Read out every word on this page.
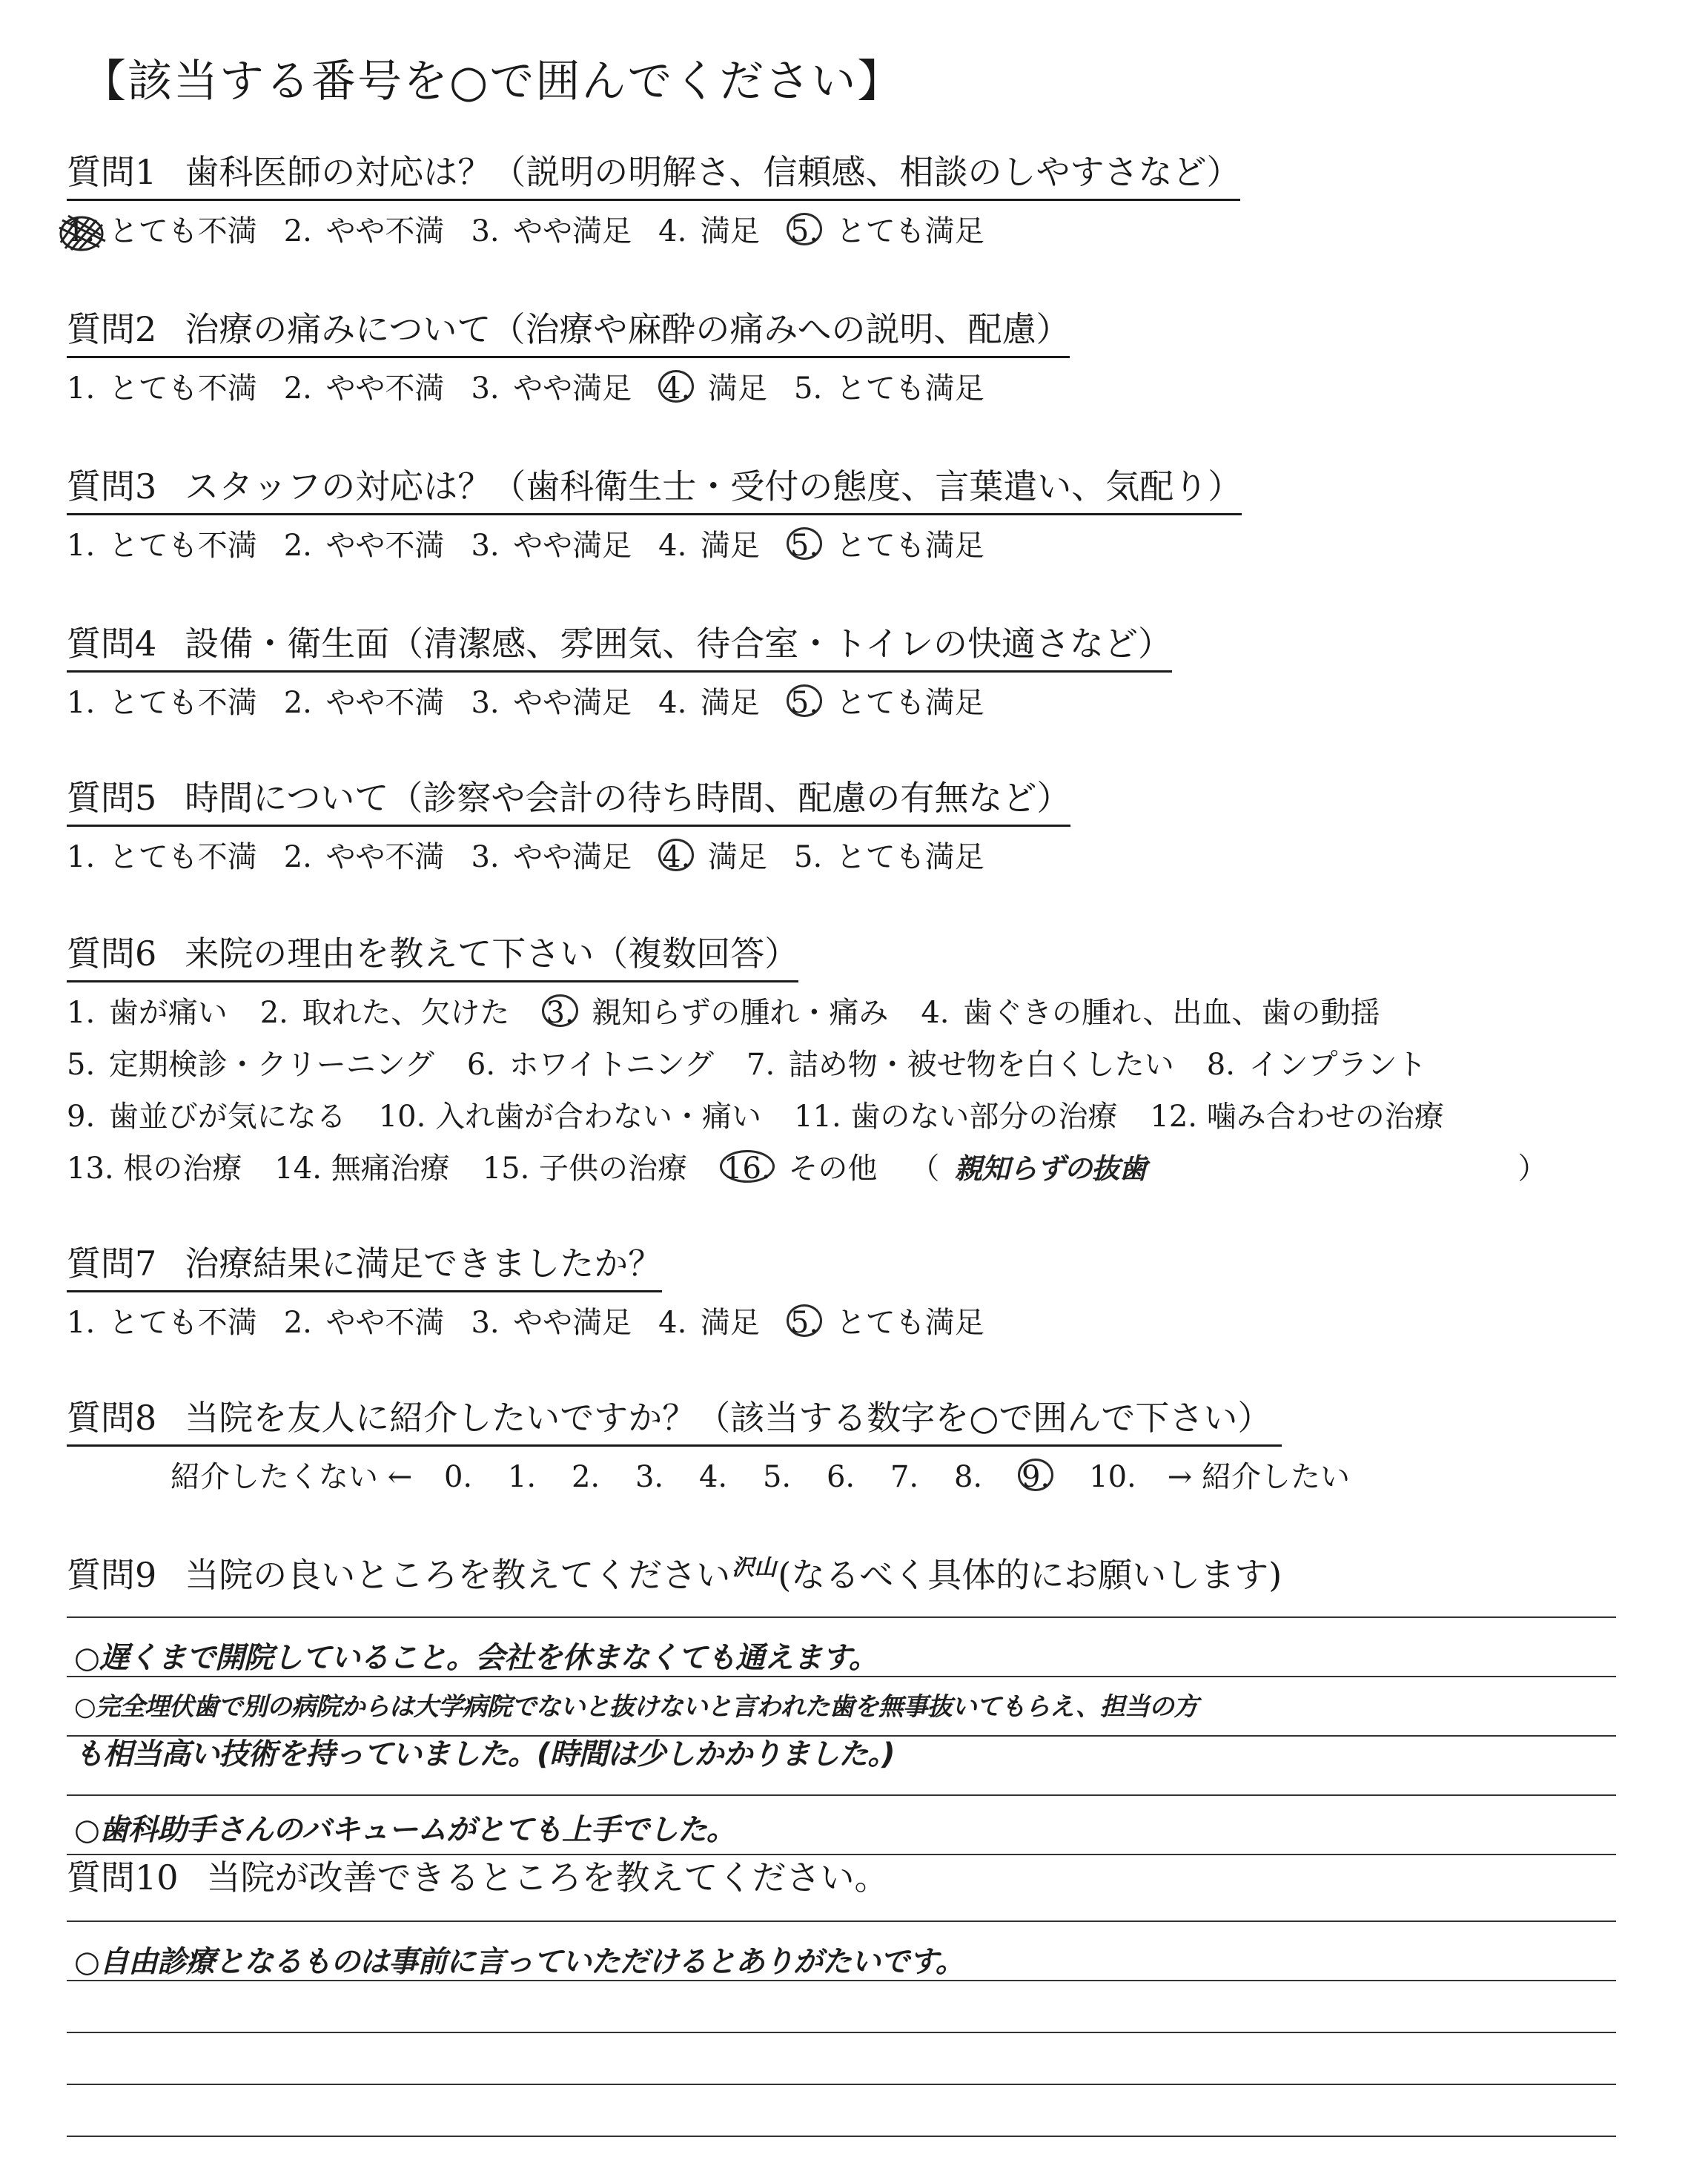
【該当する番号を○で囲んでください】
質問1 歯科医師の対応は？（説明の明解さ、信頼感、相談のしやすさなど）
1. とても不満 2. やや不満 3. やや満足 4. 満足 5. とても満足
質問2 治療の痛みについて（治療や麻酔の痛みへの説明、配慮）
1. とても不満 2. やや不満 3. やや満足 4. 満足 5. とても満足
質問3 スタッフの対応は？（歯科衛生士・受付の態度、言葉遣い、気配り）
1. とても不満 2. やや不満 3. やや満足 4. 満足 5. とても満足
質問4 設備・衛生面（清潔感、雰囲気、待合室・トイレの快適さなど）
1. とても不満 2. やや不満 3. やや満足 4. 満足 5. とても満足
質問5 時間について（診察や会計の待ち時間、配慮の有無など）
1. とても不満 2. やや不満 3. やや満足 4. 満足 5. とても満足
質問6 来院の理由を教えて下さい（複数回答）
1. 歯が痛い 2. 取れた、欠けた 3. 親知らずの腫れ・痛み 4. 歯ぐきの腫れ、出血、歯の動揺
5. 定期検診・クリーニング 6. ホワイトニング 7. 詰め物・被せ物を白くしたい 8. インプラント
9. 歯並びが気になる 10. 入れ歯が合わない・痛い 11. 歯のない部分の治療 12. 噛み合わせの治療
13. 根の治療 14. 無痛治療 15. 子供の治療 16. その他 （ 親知らずの抜歯	）
質問7 治療結果に満足できましたか？
1. とても不満 2. やや不満 3. やや満足 4. 満足 5. とても満足
質問8 当院を友人に紹介したいですか？（該当する数字を○で囲んで下さい）
紹介したくない ← 0. 1. 2. 3. 4. 5. 6. 7. 8. 9. 10. → 紹介したい
質問9 当院の良いところを教えてください$^{沢山}$(なるべく具体的にお願いします)
○遅くまで開院していること。会社を休まなくても通えます。
○完全埋伏歯で別の病院からは大学病院でないと抜けないと言われた歯を無事抜いてもらえ、担当の方
も相当高い技術を持っていました。(時間は少しかかりました。)
○歯科助手さんのバキュームがとても上手でした。
質問10 当院が改善できるところを教えてください。
○自由診療となるものは事前に言っていただけるとありがたいです。
